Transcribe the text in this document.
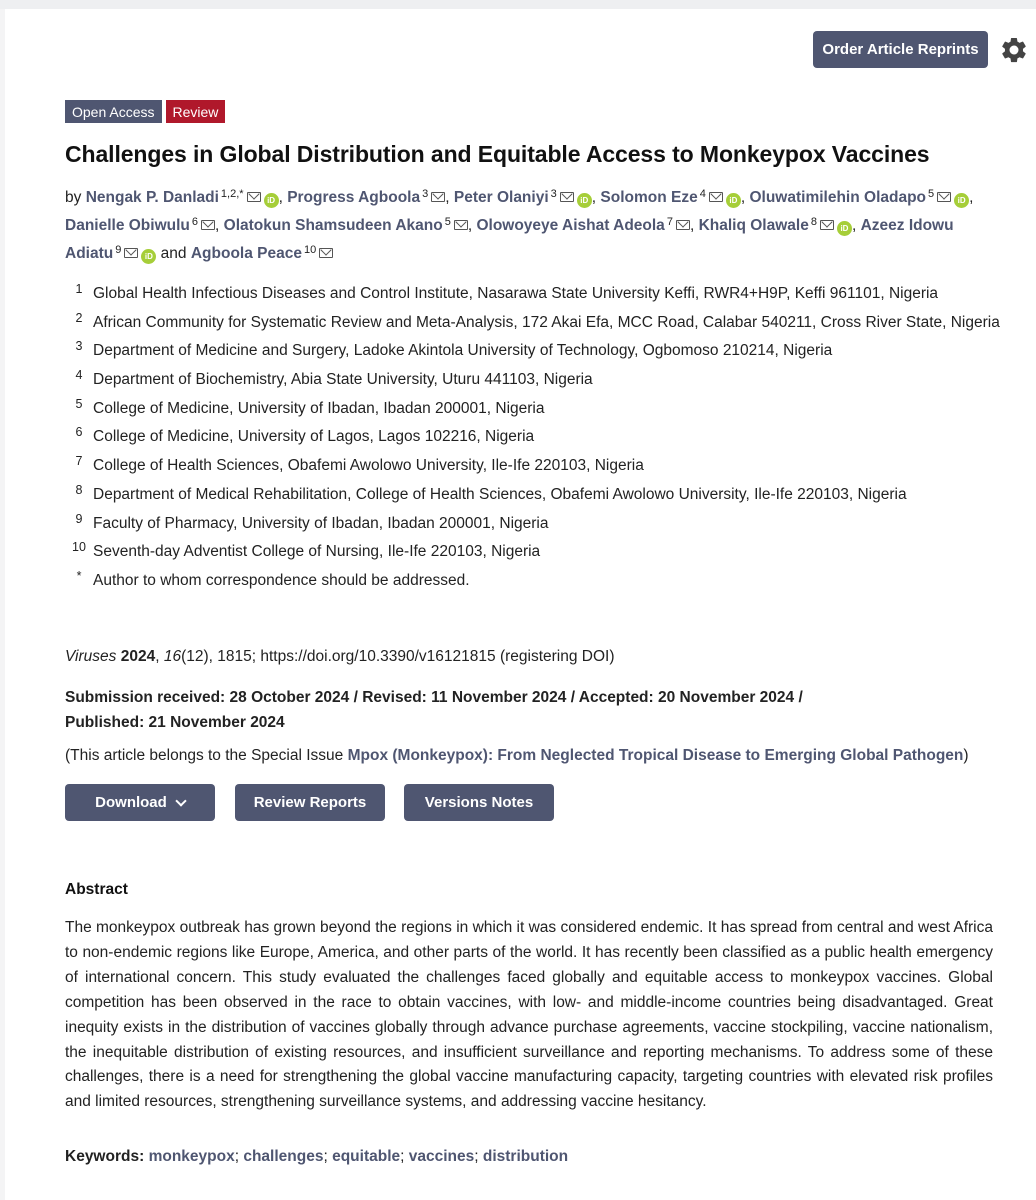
Order Article Reprints
Open Access	Review
Challenges in Global Distribution and Equitable Access to Monkeypox Vaccines
by Nengak P. Danladi $^{1,2,*}$iD , Progress Agboola $^3$ , Peter Olaniyi $^3$iD , Solomon Eze $^4$iD , Oluwatimilehin Oladapo $^5$iD , Danielle Obiwulu $^6$ , Olatokun Shamsudeen Akano $^5$ , Olowoyeye Aishat Adeola $^7$ , Khaliq Olawale $^8$iD , Azeez Idowu Adiatu $^9$iD and Agboola Peace $^{10}$
1 Global Health Infectious Diseases and Control Institute, Nasarawa State University Keffi, RWR4+H9P, Keffi 961101, Nigeria
2 African Community for Systematic Review and Meta-Analysis, 172 Akai Efa, MCC Road, Calabar 540211, Cross River State, Nigeria
3 Department of Medicine and Surgery, Ladoke Akintola University of Technology, Ogbomoso 210214, Nigeria
4 Department of Biochemistry, Abia State University, Uturu 441103, Nigeria
5 College of Medicine, University of Ibadan, Ibadan 200001, Nigeria
6 College of Medicine, University of Lagos, Lagos 102216, Nigeria
7 College of Health Sciences, Obafemi Awolowo University, Ile-Ife 220103, Nigeria
8 Department of Medical Rehabilitation, College of Health Sciences, Obafemi Awolowo University, Ile-Ife 220103, Nigeria
9 Faculty of Pharmacy, University of Ibadan, Ibadan 200001, Nigeria
10 Seventh-day Adventist College of Nursing, Ile-Ife 220103, Nigeria
* Author to whom correspondence should be addressed.
Viruses 2024, 16(12), 1815; https://doi.org/10.3390/v16121815 (registering DOI)
Submission received: 28 October 2024 / Revised: 11 November 2024 / Accepted: 20 November 2024 /
Published: 21 November 2024
(This article belongs to the Special Issue Mpox (Monkeypox): From Neglected Tropical Disease to Emerging Global Pathogen)
Download	Review Reports	Versions Notes
Abstract
The monkeypox outbreak has grown beyond the regions in which it was considered endemic. It has spread from central and west Africa to non-endemic regions like Europe, America, and other parts of the world. It has recently been classified as a public health emergency of international concern. This study evaluated the challenges faced globally and equitable access to monkeypox vaccines. Global competition has been observed in the race to obtain vaccines, with low- and middle-income countries being disadvantaged. Great inequity exists in the distribution of vaccines globally through advance purchase agreements, vaccine stockpiling, vaccine nationalism, the inequitable distribution of existing resources, and insufficient surveillance and reporting mechanisms. To address some of these challenges, there is a need for strengthening the global vaccine manufacturing capacity, targeting countries with elevated risk profiles and limited resources, strengthening surveillance systems, and addressing vaccine hesitancy.
Keywords: monkeypox; challenges; equitable; vaccines; distribution
